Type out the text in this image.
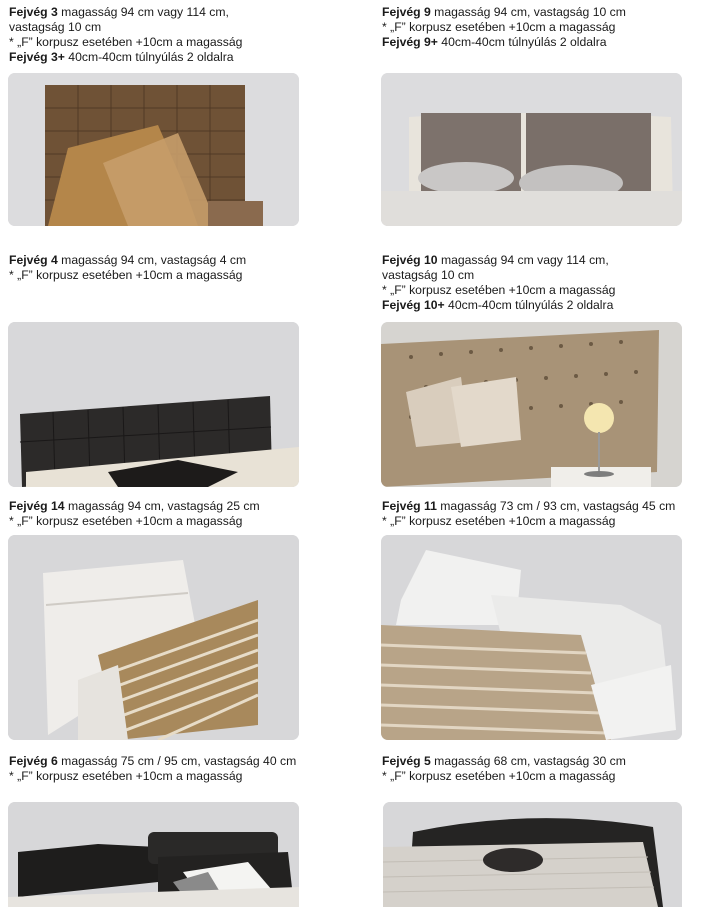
Fejvég 3 magasság 94 cm vagy 114 cm,
vastagság 10 cm
* „F” korpusz esetében +10cm a magasság
Fejvég 3+ 40cm-40cm túlnyúlás 2 oldalra
Fejvég 9 magasság 94 cm, vastagság 10 cm
* „F” korpusz esetében +10cm a magasság
Fejvég 9+ 40cm-40cm túlnyúlás 2 oldalra
Fejvég 4 magasság 94 cm, vastagság 4 cm
* „F” korpusz esetében +10cm a magasság
Fejvég 10 magasság 94 cm vagy 114 cm,
vastagság 10 cm
* „F” korpusz esetében +10cm a magasság
Fejvég 10+ 40cm-40cm túlnyúlás 2 oldalra
Fejvég 14 magasság 94 cm, vastagság 25 cm
* „F” korpusz esetében +10cm a magasság
Fejvég 11 magasság 73 cm / 93 cm, vastagság 45 cm
* „F” korpusz esetében +10cm a magasság
Fejvég 6 magasság 75 cm / 95 cm, vastagság 40 cm
* „F” korpusz esetében +10cm a magasság
Fejvég 5 magasság 68 cm, vastagság 30 cm
* „F” korpusz esetében +10cm a magasság
